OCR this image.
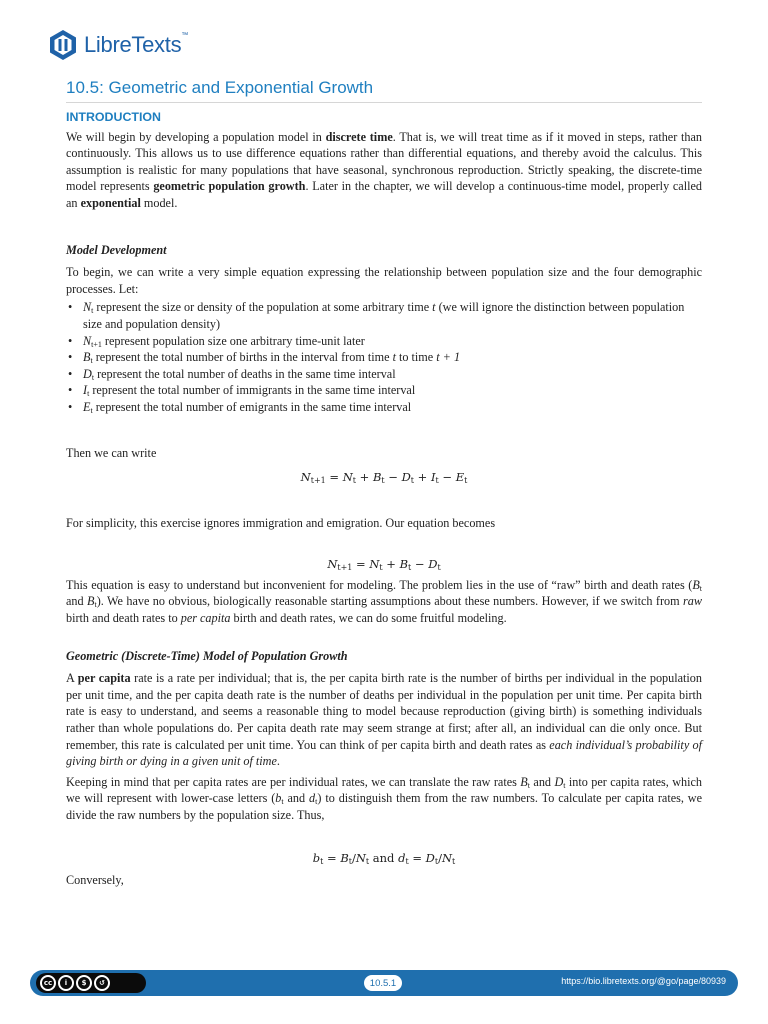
LibreTexts™
10.5: Geometric and Exponential Growth
INTRODUCTION

We will begin by developing a population model in discrete time. That is, we will treat time as if it moved in steps, rather than continuously. This allows us to use difference equations rather than differential equations, and thereby avoid the calculus. This assumption is realistic for many populations that have seasonal, synchronous reproduction. Strictly speaking, the discrete-time model represents geometric population growth. Later in the chapter, we will develop a continuous-time model, properly called an exponential model.

Model Development

To begin, we can write a very simple equation expressing the relationship between population size and the four demographic processes. Let:

• $N_t$ represent the size or density of the population at some arbitrary time t (we will ignore the distinction between population size and population density)
• $N_{t+1}$ represent population size one arbitrary time-unit later
• $B_t$ represent the total number of births in the interval from time t to time t + 1
• $D_t$ represent the total number of deaths in the same time interval
• $I_t$ represent the total number of immigrants in the same time interval
• $E_t$ represent the total number of emigrants in the same time interval

Then we can write

$N_{t+1} = N_t + B_t - D_t + I_t - E_t$

For simplicity, this exercise ignores immigration and emigration. Our equation becomes

$N_{t+1} = N_t + B_t - D_t$

This equation is easy to understand but inconvenient for modeling. The problem lies in the use of “raw” birth and death rates ($B_t$ and $B_t$). We have no obvious, biologically reasonable starting assumptions about these numbers. However, if we switch from raw birth and death rates to per capita birth and death rates, we can do some fruitful modeling.

Geometric (Discrete-Time) Model of Population Growth

A per capita rate is a rate per individual; that is, the per capita birth rate is the number of births per individual in the population per unit time, and the per capita death rate is the number of deaths per individual in the population per unit time. Per capita birth rate is easy to understand, and seems a reasonable thing to model because reproduction (giving birth) is something individuals rather than whole populations do. Per capita death rate may seem strange at first; after all, an individual can die only once. But remember, this rate is calculated per unit time. You can think of per capita birth and death rates as each individual’s probability of giving birth or dying in a given unit of time.

Keeping in mind that per capita rates are per individual rates, we can translate the raw rates $B_t$ and $D_t$ into per capita rates, which we will represent with lower-case letters ($b_t$ and $d_t$) to distinguish them from the raw numbers. To calculate per capita rates, we divide the raw numbers by the population size. Thus,

$b_t = B_t/N_t$ and $d_t = D_t/N_t$

Conversely,

cc	i	$	↺	10.5.1	https://bio.libretexts.org/@go/page/80939
